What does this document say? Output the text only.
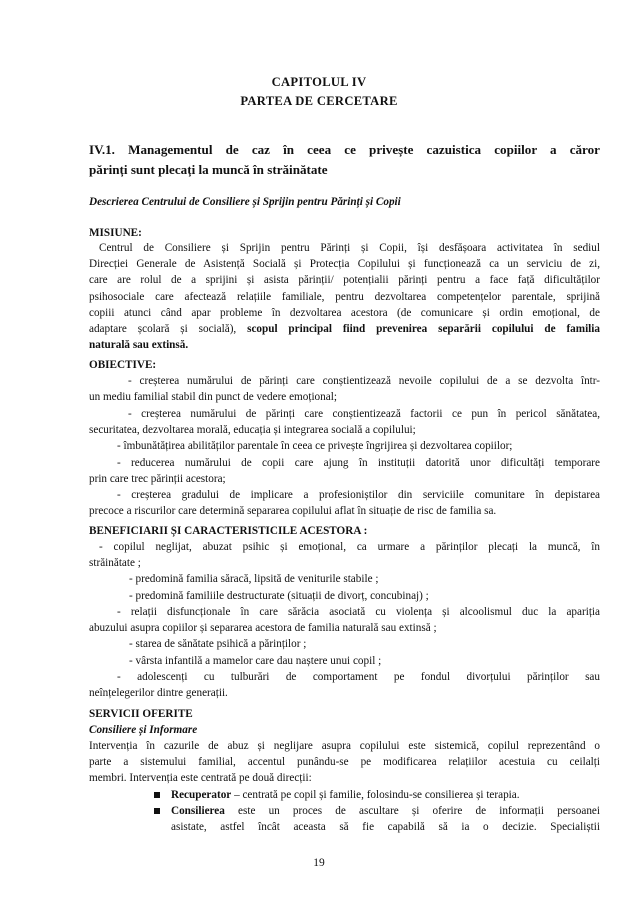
CAPITOLUL IV
PARTEA DE CERCETARE
IV.1. Managementul de caz în ceea ce privește cazuistica copiilor a căror
părinți sunt plecați la muncă în străinătate
Descrierea Centrului de Consiliere și Sprijin pentru Părinți și Copii
MISIUNE:
Centrul de Consiliere și Sprijin pentru Părinți și Copii, își desfășoara activitatea în sediul
Direcției Generale de Asistență Socială și Protecția Copilului și funcționează ca un serviciu de zi,
care are rolul de a sprijini și asista părinții/ potențialii părinți pentru a face față dificultăților
psihosociale care afectează relațiile familiale, pentru dezvoltarea competențelor parentale, sprijină
copiii atunci când apar probleme în dezvoltarea acestora (de comunicare și ordin emoțional, de
adaptare școlară și socială), scopul principal fiind prevenirea separării copilului de familia
naturală sau extinsă.
OBIECTIVE:
- creșterea numărului de părinți care conștientizează nevoile copilului de a se dezvolta într-
un mediu familial stabil din punct de vedere emoțional;
- creșterea numărului de părinți care conștientizează factorii ce pun în pericol sănătatea,
securitatea, dezvoltarea morală, educația și integrarea socială a copilului;
- îmbunătățirea abilităților parentale în ceea ce privește îngrijirea și dezvoltarea copiilor;
- reducerea numărului de copii care ajung în instituții datorită unor dificultăți temporare
prin care trec părinții acestora;
- creșterea gradului de implicare a profesioniștilor din serviciile comunitare în depistarea
precoce a riscurilor care determină separarea copilului aflat în situație de risc de familia sa.
BENEFICIARII ȘI CARACTERISTICILE ACESTORA :
- copilul neglijat, abuzat psihic și emoțional, ca urmare a părinților plecați la muncă, în
străinătate ;
- predomină familia săracă, lipsită de veniturile stabile ;
- predomină familiile destructurate (situații de divorț, concubinaj) ;
- relații disfuncționale în care sărăcia asociată cu violența și alcoolismul duc la apariția
abuzului asupra copiilor și separarea acestora de familia naturală sau extinsă ;
- starea de sănătate psihică a părinților ;
- vârsta infantilă a mamelor care dau naștere unui copil ;
- adolescenți cu tulburări de comportament pe fondul divorțului părinților sau
neînțelegerilor dintre generații.
SERVICII OFERITE
Consiliere și Informare
Intervenția în cazurile de abuz și neglijare asupra copilului este sistemică, copilul reprezentând o
parte a sistemului familial, accentul punându-se pe modificarea relațiilor acestuia cu ceilalți
membri. Intervenția este centrată pe două direcții:
Recuperator – centrată pe copil și familie, folosindu-se consilierea și terapia.
Consilierea este un proces de ascultare și oferire de informații persoanei
asistate, astfel încât aceasta să fie capabilă să ia o decizie. Specialiștii
19
